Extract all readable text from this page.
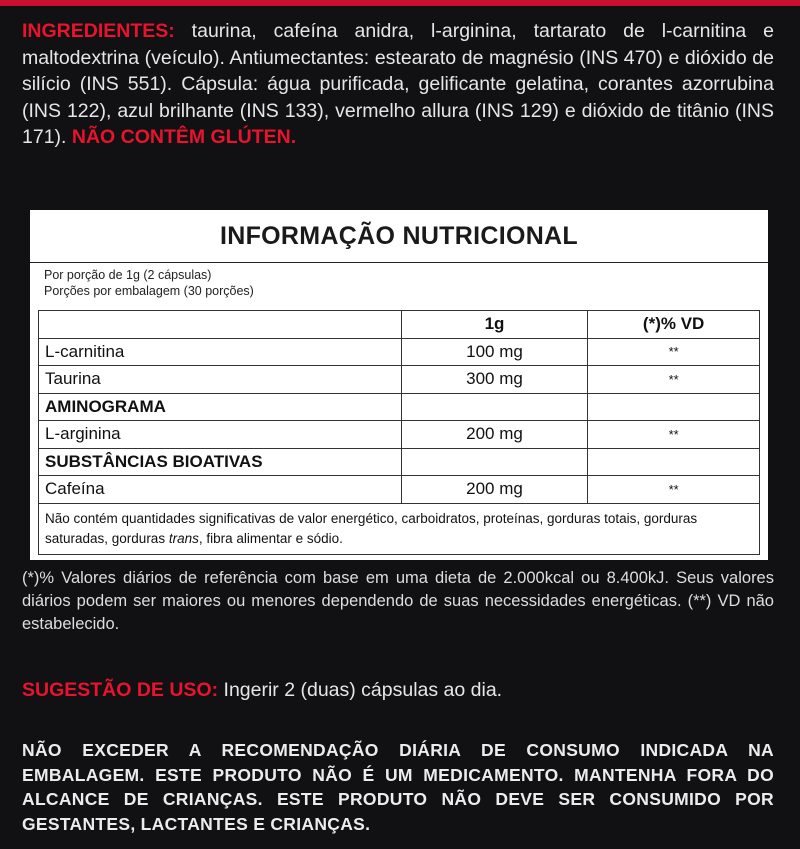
INGREDIENTES: taurina, cafeína anidra, l-arginina, tartarato de l-carnitina e maltodextrina (veículo). Antiumectantes: estearato de magnésio (INS 470) e dióxido de silício (INS 551). Cápsula: água purificada, gelificante gelatina, corantes azorrubina (INS 122), azul brilhante (INS 133), vermelho allura (INS 129) e dióxido de titânio (INS 171). NÃO CONTÊM GLÚTEN.
INFORMAÇÃO NUTRICIONAL
Por porção de 1g (2 cápsulas)
Porções por embalagem (30 porções)
	1g	(*)% VD
L-carnitina	100 mg	**
Taurina	300 mg	**
AMINOGRAMA		
L-arginina	200 mg	**
SUBSTÂNCIAS BIOATIVAS		
Cafeína	200 mg	**
Não contém quantidades significativas de valor energético, carboidratos, proteínas, gorduras totais, gorduras saturadas, gorduras trans, fibra alimentar e sódio.		
(*)% Valores diários de referência com base em uma dieta de 2.000kcal ou 8.400kJ. Seus valores diários podem ser maiores ou menores dependendo de suas necessidades energéticas. (**) VD não estabelecido.
SUGESTÃO DE USO: Ingerir 2 (duas) cápsulas ao dia.
NÃO EXCEDER A RECOMENDAÇÃO DIÁRIA DE CONSUMO INDICADA NA EMBALAGEM. ESTE PRODUTO NÃO É UM MEDICAMENTO. MANTENHA FORA DO ALCANCE DE CRIANÇAS. ESTE PRODUTO NÃO DEVE SER CONSUMIDO POR GESTANTES, LACTANTES E CRIANÇAS.
